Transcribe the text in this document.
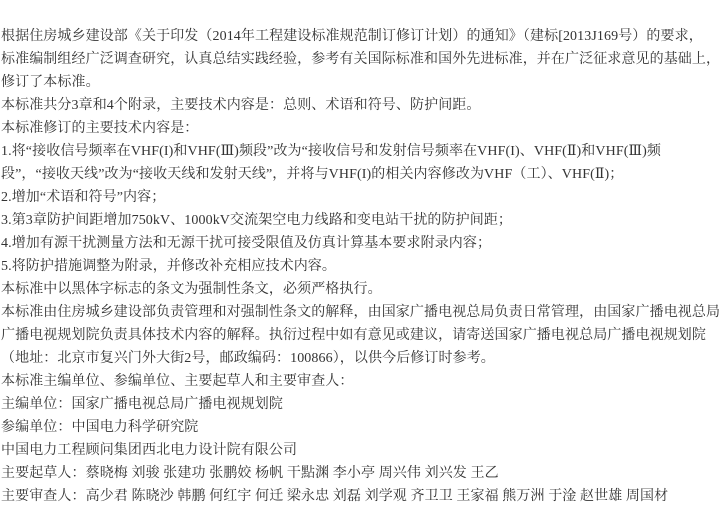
根据住房城乡建设部《关于印发（2014年工程建设标准规范制订修订计划）的通知》（建标[2013J169号）的要求，

标准编制组经广泛调查研究，认真总结实践经验，参考有关国际标准和国外先进标准，并在广泛征求意见的基础上，

修订了本标准。

本标准共分3章和4个附录，主要技术内容是：总则、术语和符号、防护间距。

本标准修订的主要技术内容是：

1.将“接收信号频率在VHF(I)和VHF(Ⅲ)频段”改为“接收信号和发射信号频率在VHF(I)、VHF(Ⅱ)和VHF(Ⅲ)频

段”，“接收天线”改为“接收天线和发射天线”，并将与VHF(I)的相关内容修改为VHF（工）、VHF(Ⅱ)；

2.增加“术语和符号”内容；

3.第3章防护间距增加750kV、1000kV交流架空电力线路和变电站干扰的防护间距；

4.增加有源干扰测量方法和无源干扰可接受限值及仿真计算基本要求附录内容；

5.将防护措施调整为附录，并修改补充相应技术内容。

本标准中以黑体字标志的条文为强制性条文，必须严格执行。

本标准由住房城乡建设部负责管理和对强制性条文的解释，由国家广播电视总局负责日常管理，由国家广播电视总局

广播电视规划院负责具体技术内容的解释。执衍过程中如有意见或建议，请寄送国家广播电视总局广播电视规划院

（地址：北京市复兴门外大街2号，邮政编码：100866），以供今后修订时参考。

本标准主编单位、参编单位、主要起草人和主要审查人：

主编单位：国家广播电视总局广播电视规划院

参编单位：中国电力科学研究院

中国电力工程顾问集团西北电力设计院有限公司

主要起草人：蔡晓梅 刘骏 张建功 张鹏姣 杨帆 干點渊 李小亭 周兴伟 刘兴发 王乙

主要审查人：高少君 陈晓沙 韩鹏 何红宇 何迁 梁永忠 刘磊 刘学观 齐卫卫 王家福 熊万洲 于淦 赵世雄 周国材
